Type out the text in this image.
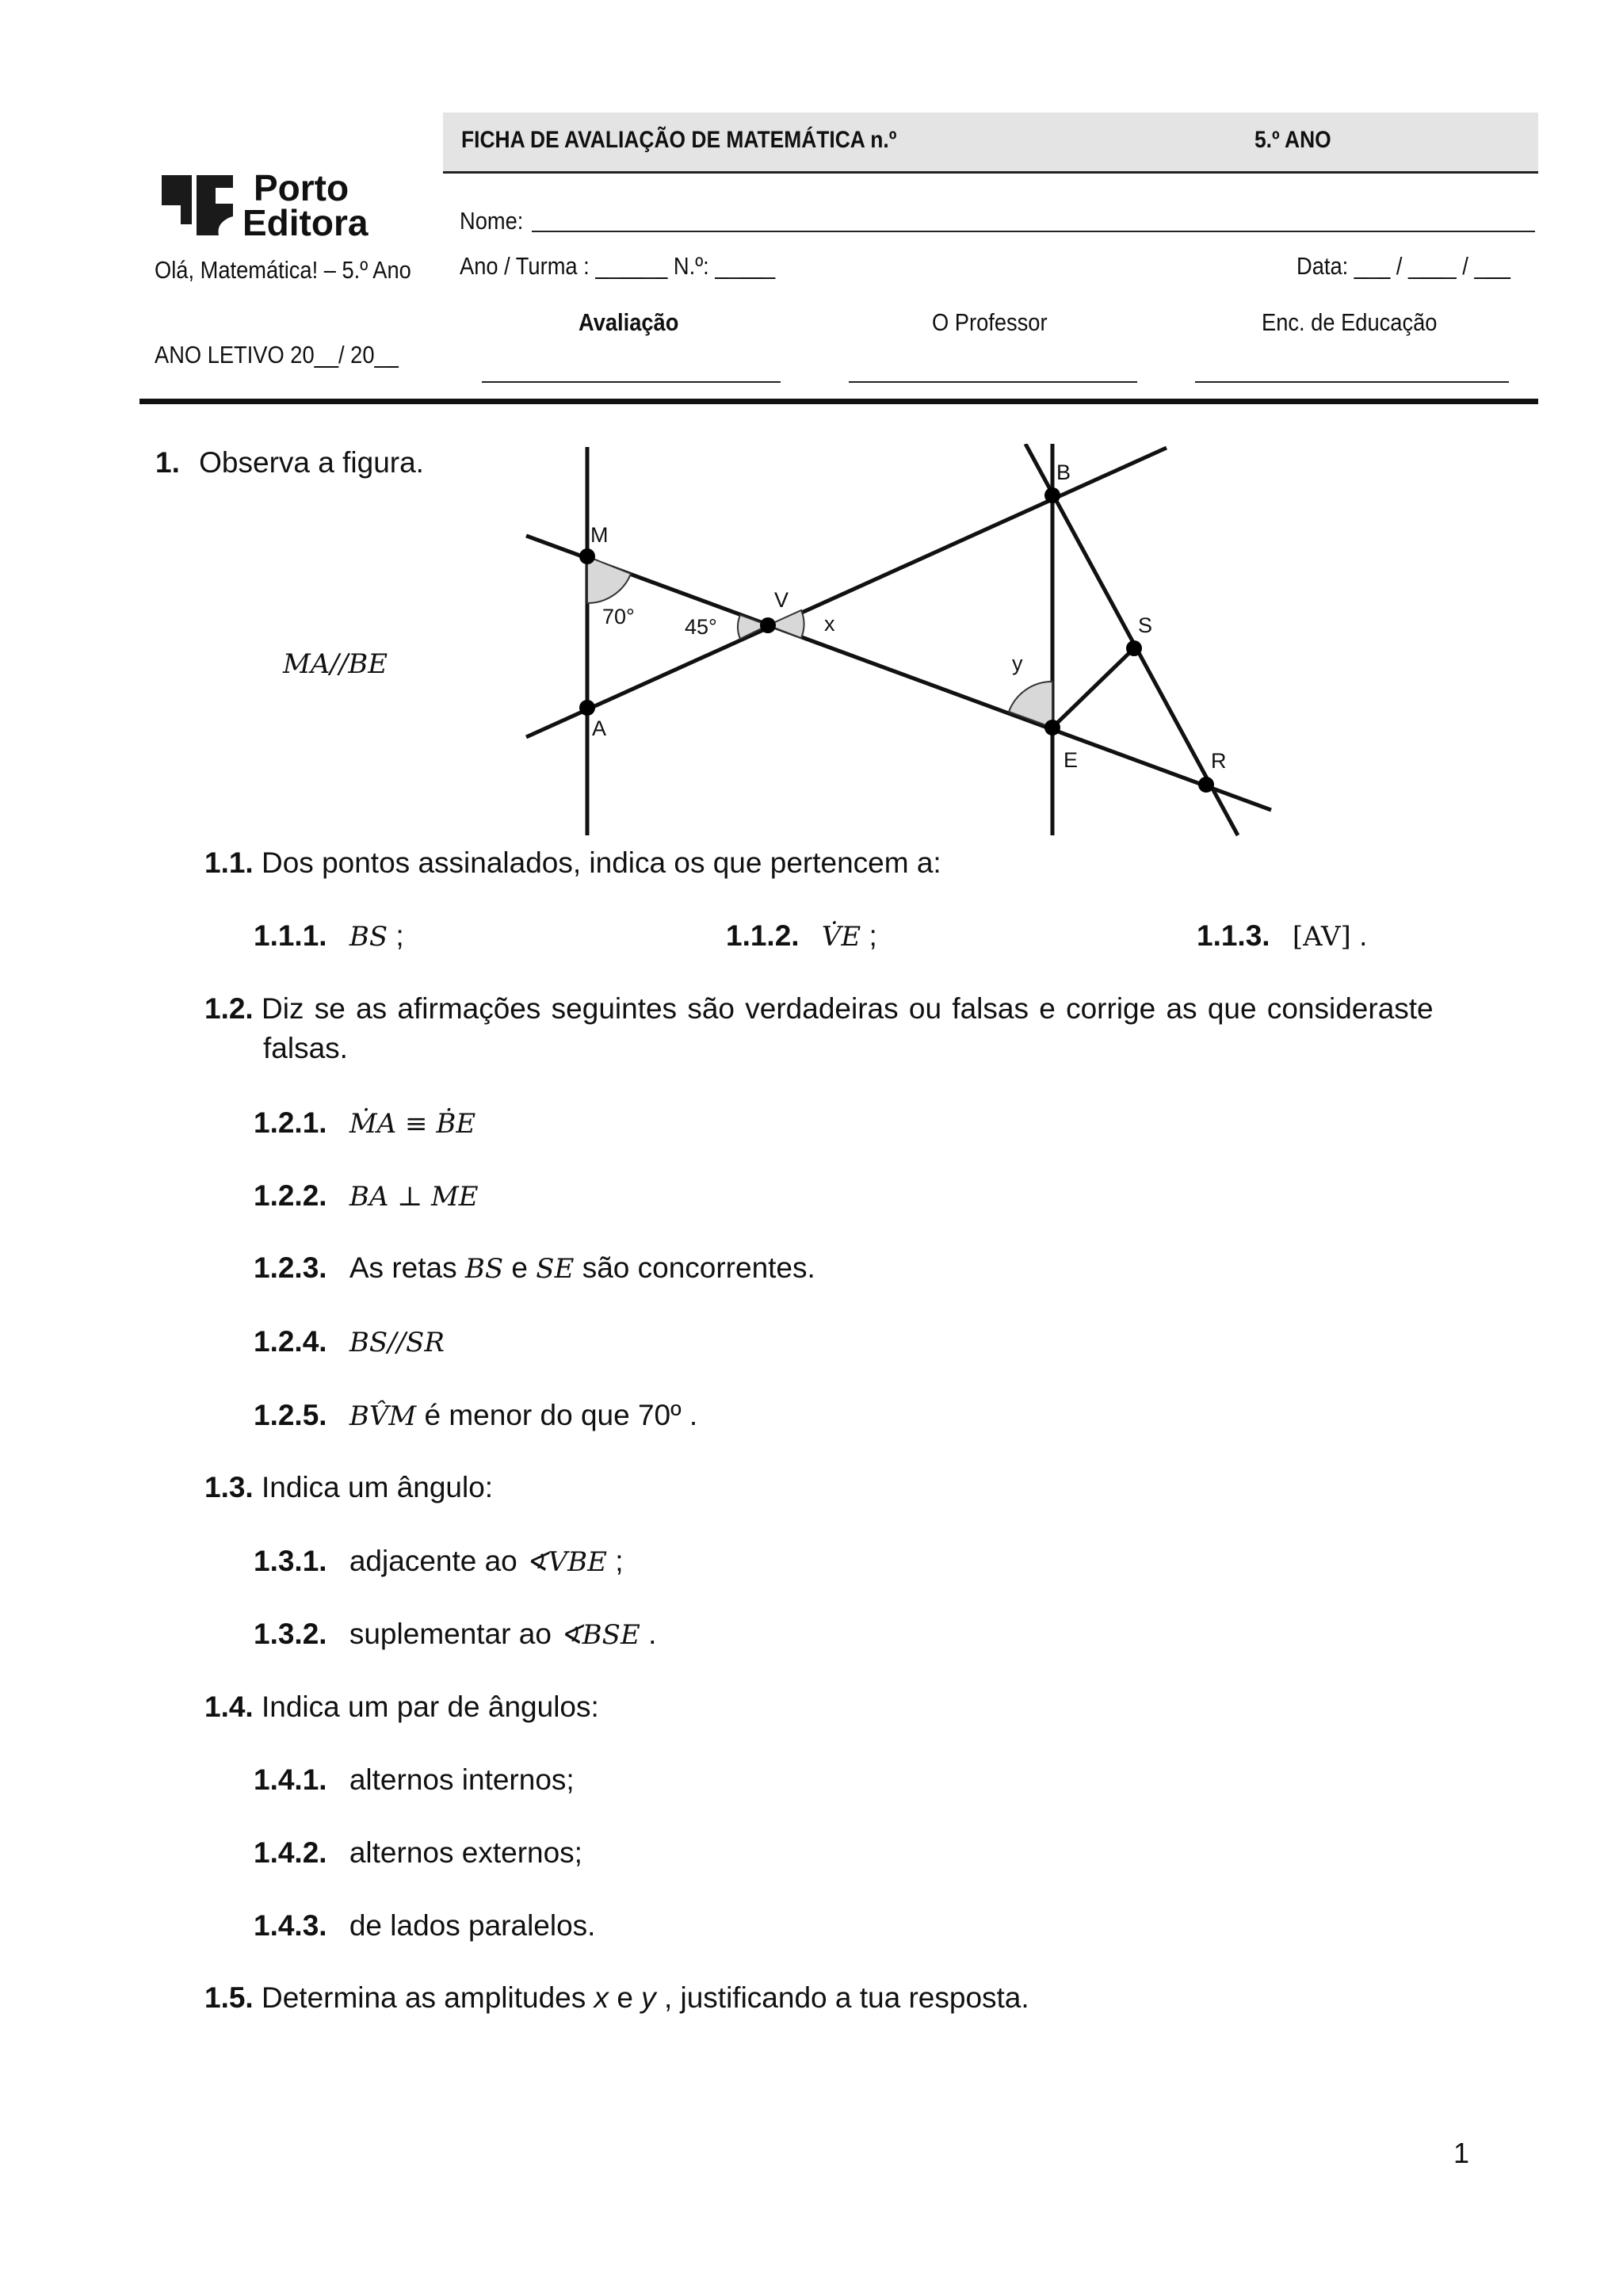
FICHA DE AVALIAÇÃO DE MATEMÁTICA n.º	5.º ANO
Porto
Editora
Olá, Matemática! – 5.º Ano
ANO LETIVO 20__/ 20__
Nome:
Ano / Turma : ______ N.º: _____	Data: ___ / ____ / ___
Avaliação	O Professor	Enc. de Educação
1. Observa a figura.
MA//BE
M
A
V
B
E
S
R
70° 45°	x
y
1.1. Dos pontos assinalados, indica os que pertencem a:
1.1.1. BS ;	1.1.2. V̇E ;	1.1.3. [AV] .
1.2. Diz se as afirmações seguintes são verdadeiras ou falsas e corrige as que consideraste
falsas.
1.2.1. ṀA ≡ ḂE
1.2.2. BA ⊥ ME
1.2.3. As retas BS e SE são concorrentes.
1.2.4. BS//SR
1.2.5. BV̂M é menor do que 70º .
1.3. Indica um ângulo:
1.3.1. adjacente ao ∢VBE ;
1.3.2. suplementar ao ∢BSE .
1.4. Indica um par de ângulos:
1.4.1. alternos internos;
1.4.2. alternos externos;
1.4.3. de lados paralelos.
1.5. Determina as amplitudes x e y , justificando a tua resposta.
1
